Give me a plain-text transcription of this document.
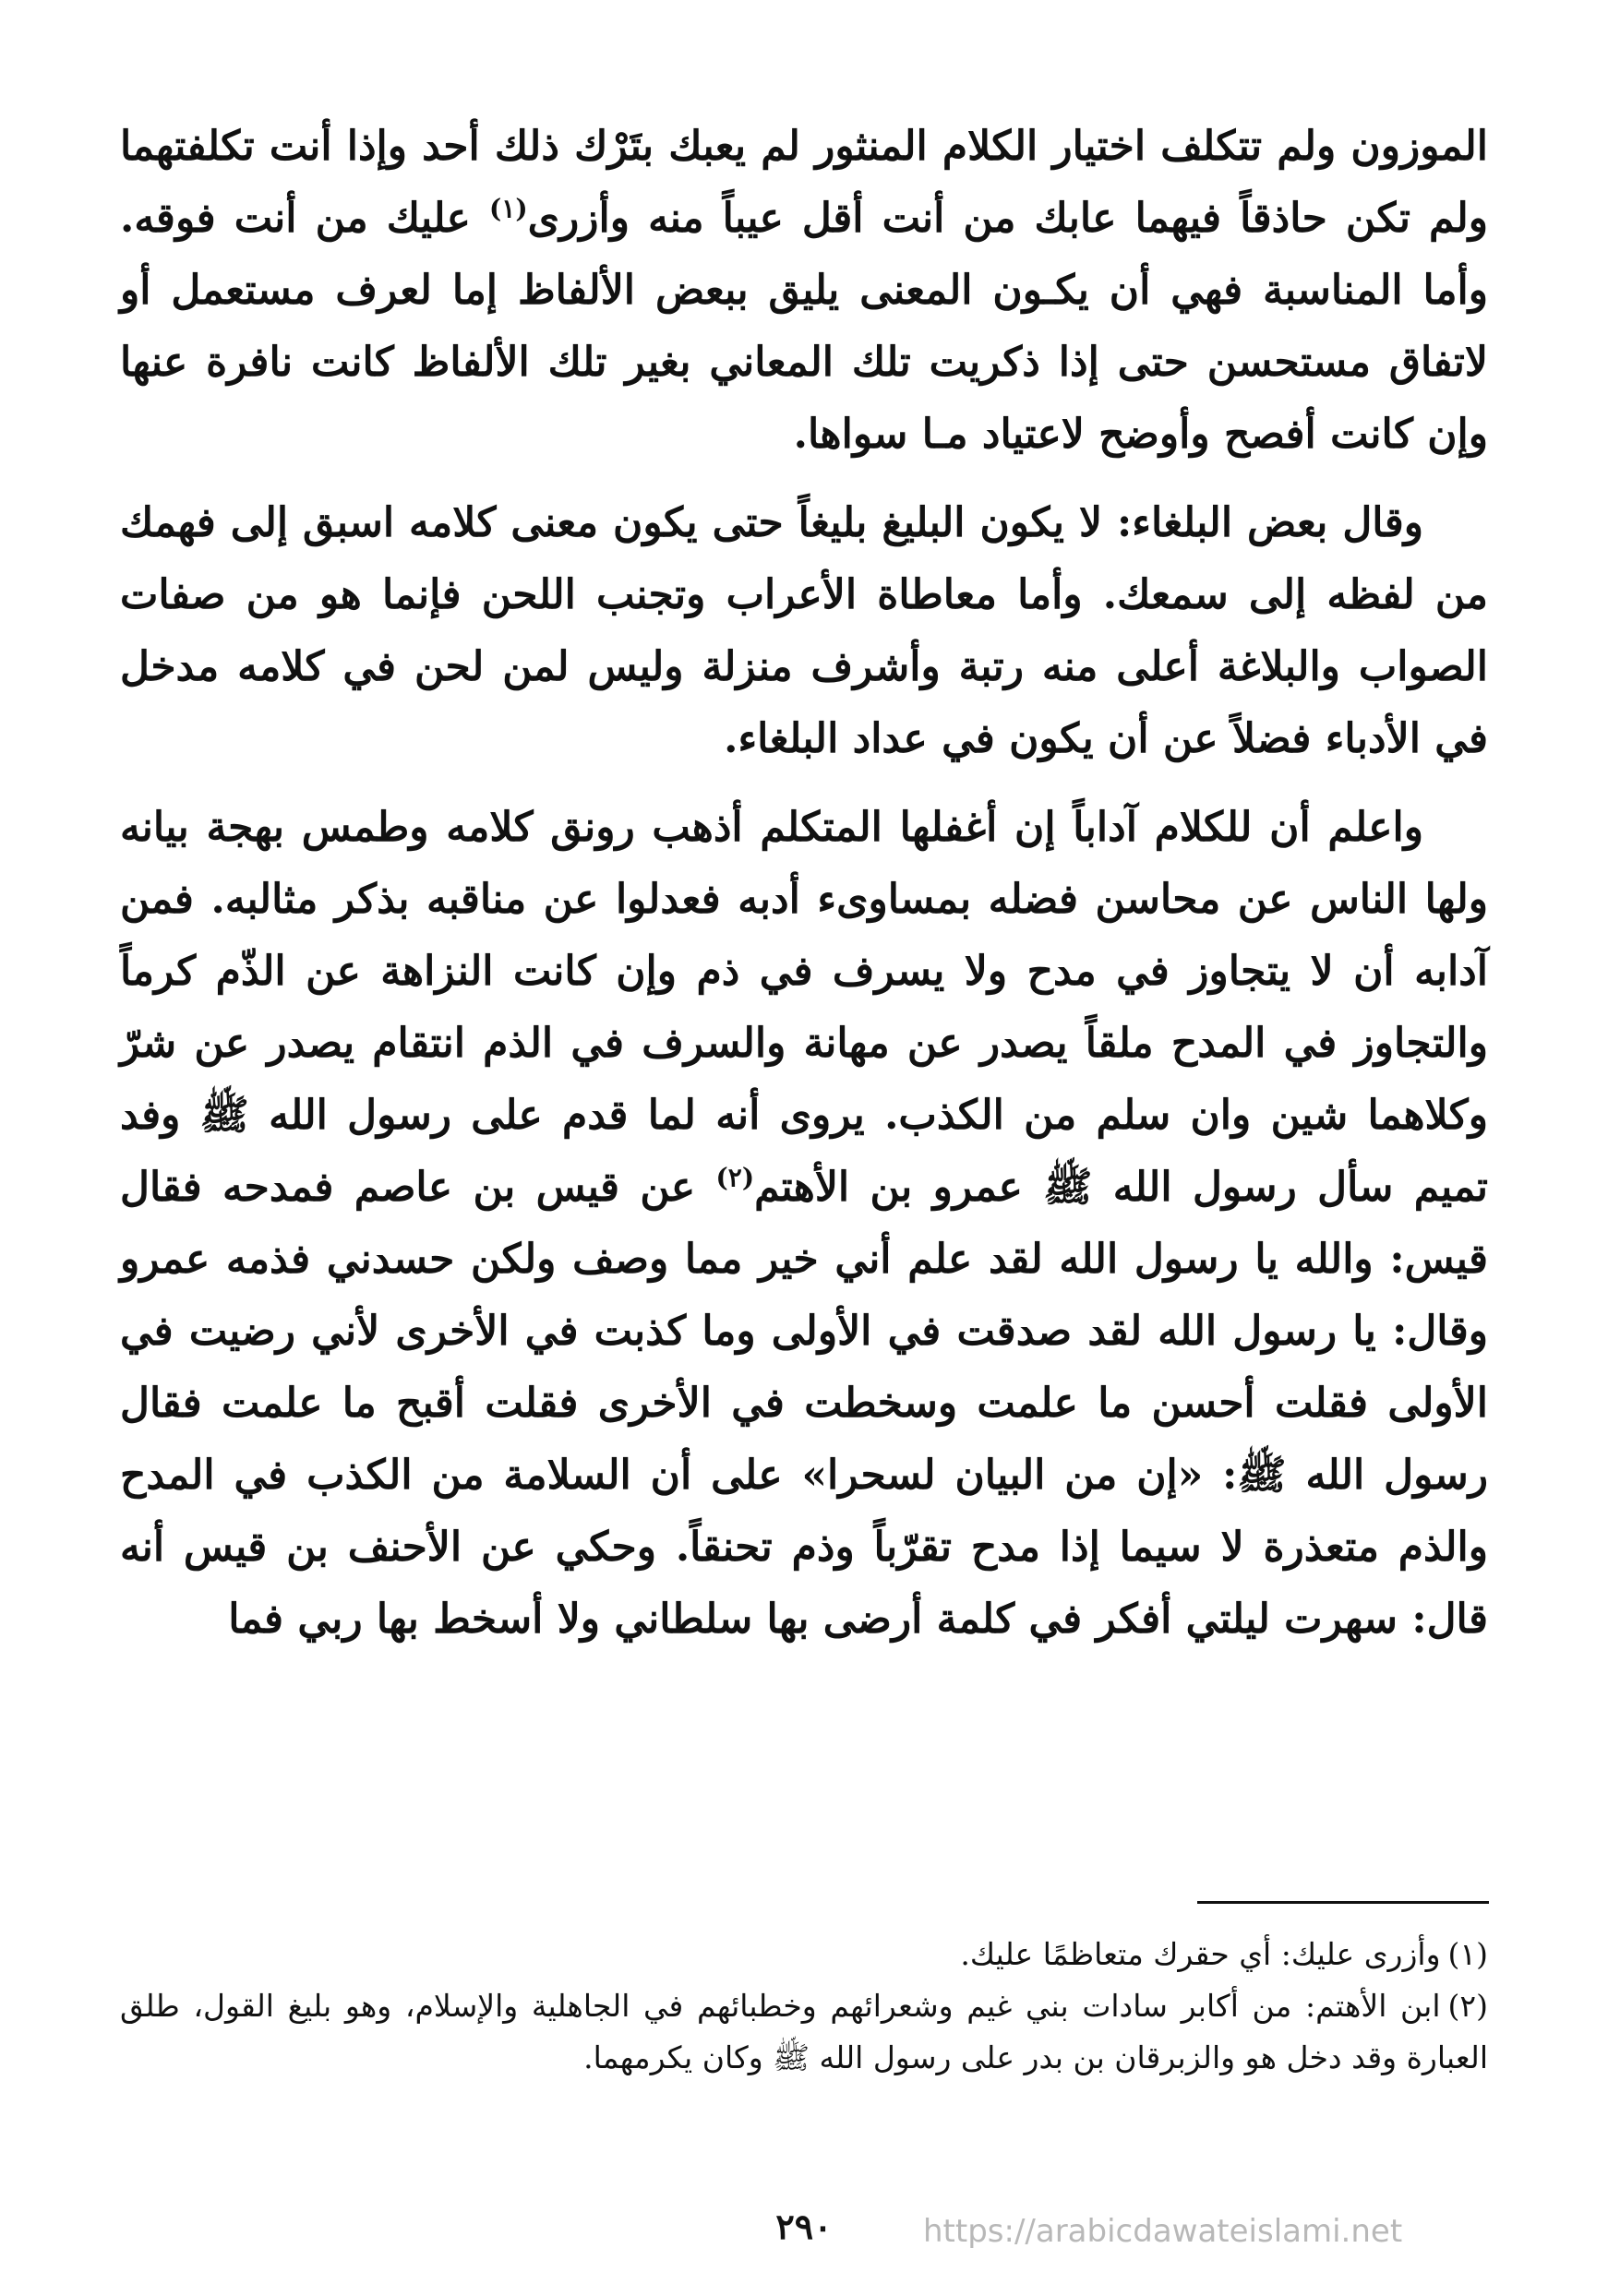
الموزون ولم تتكلف اختيار الكلام المنثور لم يعبك بتَرْك ذلك أحد وإذا أنت تكلفتهما ولم تكن حاذقاً فيهما عابك من أنت أقل عيباً منه وأزرى$^{(١)}$ عليك من أنت فوقه. وأما المناسبة فهي أن يكـون المعنى يليق ببعض الألفاظ إما لعرف مستعمل أو لاتفاق مستحسن حتى إذا ذكريت تلك المعاني بغير تلك الألفاظ كانت نافرة عنها وإن كانت أفصح وأوضح لاعتياد مـا سواها.

وقال بعض البلغاء: لا يكون البليغ بليغاً حتى يكون معنى كلامه اسبق إلى فهمك من لفظه إلى سمعك. وأما معاطاة الأعراب وتجنب اللحن فإنما هو من صفات الصواب والبلاغة أعلى منه رتبة وأشرف منزلة وليس لمن لحن في كلامه مدخل في الأدباء فضلاً عن أن يكون في عداد البلغاء.

واعلم أن للكلام آداباً إن أغفلها المتكلم أذهب رونق كلامه وطمس بهجة بيانه ولها الناس عن محاسن فضله بمساوىء أدبه فعدلوا عن مناقبه بذكر مثالبه. فمن آدابه أن لا يتجاوز في مدح ولا يسرف في ذم وإن كانت النزاهة عن الذّم كرماً والتجاوز في المدح ملقاً يصدر عن مهانة والسرف في الذم انتقام يصدر عن شرّ وكلاهما شين وان سلم من الكذب. يروى أنه لما قدم على رسول الله ﷺ وفد تميم سأل رسول الله ﷺ عمرو بن الأهتم$^{(٢)}$ عن قيس بن عاصم فمدحه فقال قيس: والله يا رسول الله لقد علم أني خير مما وصف ولكن حسدني فذمه عمرو وقال: يا رسول الله لقد صدقت في الأولى وما كذبت في الأخرى لأني رضيت في الأولى فقلت أحسن ما علمت وسخطت في الأخرى فقلت أقبح ما علمت فقال رسول الله ﷺ: «إن من البيان لسحرا» على أن السلامة من الكذب في المدح والذم متعذرة لا سيما إذا مدح تقرّباً وذم تحنقاً. وحكي عن الأحنف بن قيس أنه قال: سهرت ليلتي أفكر في كلمة أرضى بها سلطاني ولا أسخط بها ربي فما

(١)وأزرى عليك: أي حقرك متعاظمًا عليك.

(٢)ابن الأهتم: من أكابر سادات بني غيم وشعرائهم وخطبائهم في الجاهلية والإسلام، وهو بليغ القول، طلق العبارة وقد دخل هو والزبرقان بن بدر على رسول الله ﷺ وكان يكرمهما.

٢٩٠	https://arabicdawateislami.net
